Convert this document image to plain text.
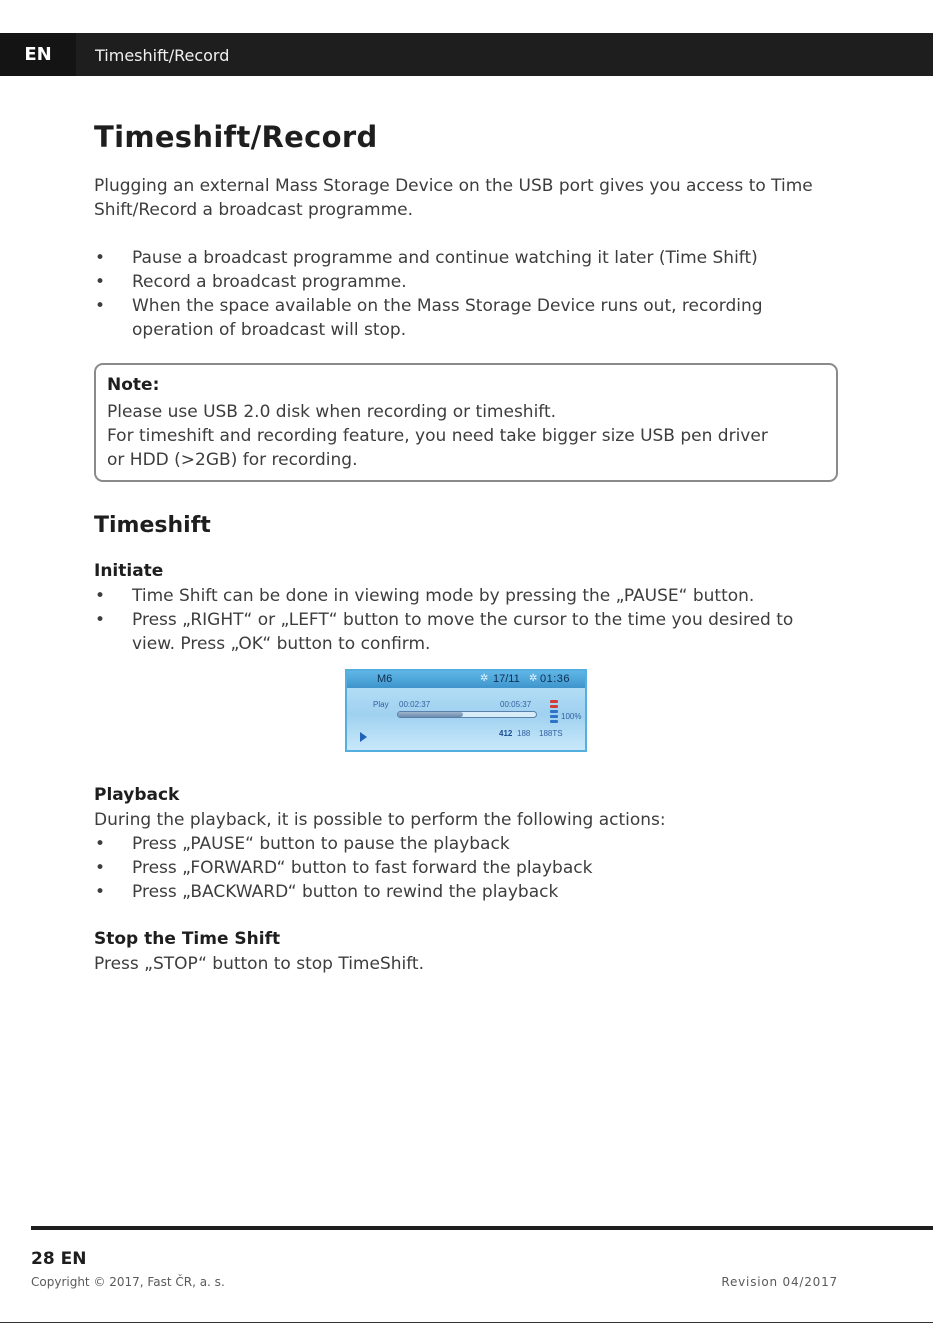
EN	Timeshift/Record
Timeshift/Record
Plugging an external Mass Storage Device on the USB port gives you access to Time Shift/Record a broadcast programme.
• Pause a broadcast programme and continue watching it later (Time Shift)
• Record a broadcast programme.
• When the space available on the Mass Storage Device runs out, recording operation of broadcast will stop.
Note:
Please use USB 2.0 disk when recording or timeshift.
For timeshift and recording feature, you need take bigger size USB pen driver
or HDD (>2GB) for recording.
Timeshift
Initiate
• Time Shift can be done in viewing mode by pressing the „PAUSE“ button.
• Press „RIGHT“ or „LEFT“ button to move the cursor to the time you desired to view. Press „OK“ button to confirm.
M6	✲ 17/11 ✲ 01:36
Play 00:02:37	00:05:37
100%
412 188 188TS
Playback
During the playback, it is possible to perform the following actions:
• Press „PAUSE“ button to pause the playback
• Press „FORWARD“ button to fast forward the playback
• Press „BACKWARD“ button to rewind the playback
Stop the Time Shift
Press „STOP“ button to stop TimeShift.
28 EN
Copyright © 2017, Fast ČR, a. s.	Revision 04/2017
